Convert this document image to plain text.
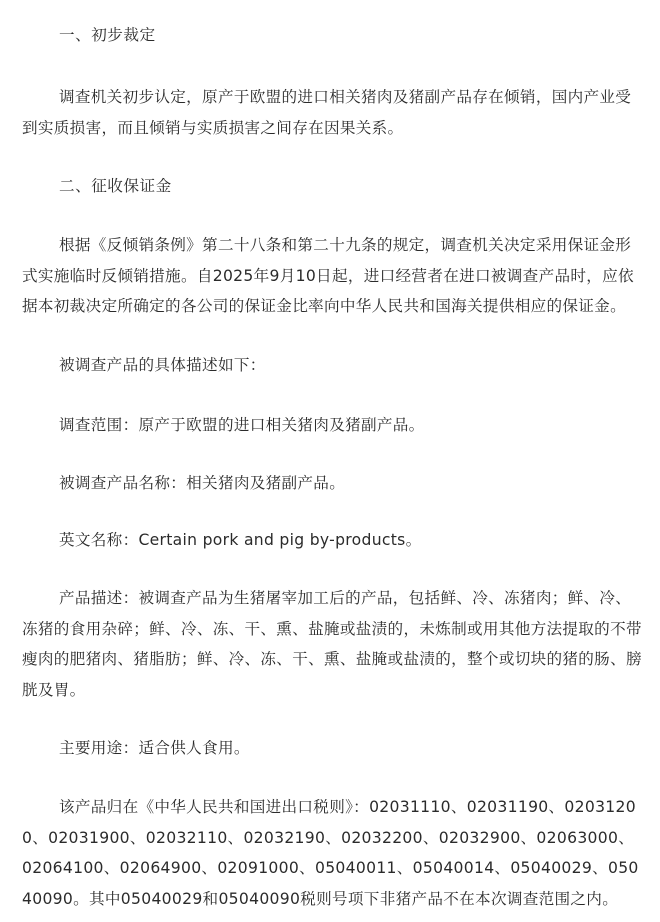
一、初步裁定

调查机关初步认定，原产于欧盟的进口相关猪肉及猪副产品存在倾销，国内产业受到实质损害，而且倾销与实质损害之间存在因果关系。

二、征收保证金

根据《反倾销条例》第二十八条和第二十九条的规定，调查机关决定采用保证金形式实施临时反倾销措施。自2025年9月10日起，进口经营者在进口被调查产品时，应依据本初裁决定所确定的各公司的保证金比率向中华人民共和国海关提供相应的保证金。

被调查产品的具体描述如下：

调查范围：原产于欧盟的进口相关猪肉及猪副产品。

被调查产品名称：相关猪肉及猪副产品。

英文名称：Certain pork and pig by-products。

产品描述：被调查产品为生猪屠宰加工后的产品，包括鲜、冷、冻猪肉；鲜、冷、冻猪的食用杂碎；鲜、冷、冻、干、熏、盐腌或盐渍的，未炼制或用其他方法提取的不带瘦肉的肥猪肉、猪脂肪；鲜、冷、冻、干、熏、盐腌或盐渍的，整个或切块的猪的肠、膀胱及胃。

主要用途：适合供人食用。

该产品归在《中华人民共和国进出口税则》：02031110、02031190、02031200、02031900、02032110、02032190、02032200、02032900、02063000、02064100、02064900、02091000、05040011、05040014、05040029、05040090。其中05040029和05040090税则号项下非猪产品不在本次调查范围之内。
